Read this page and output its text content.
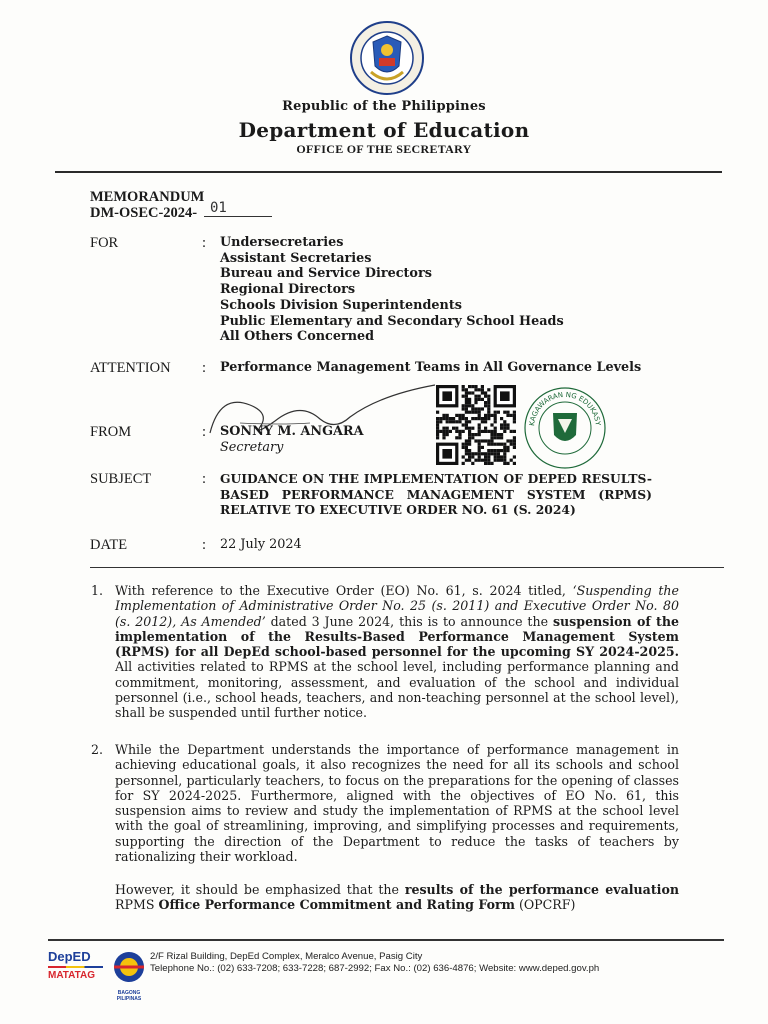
Republic of the Philippines
Department of Education
OFFICE OF THE SECRETARY
MEMORANDUM
DM-OSEC-2024- 01
FOR	: Undersecretaries
Assistant Secretaries
Bureau and Service Directors
Regional Directors
Schools Division Superintendents
Public Elementary and Secondary School Heads
All Others Concerned
ATTENTION : Performance Management Teams in All Governance Levels
KAGAWARAN NG EDUKASY
FROM	: SONNY M. ANGARA
Secretary
SUBJECT	: GUIDANCE ON THE IMPLEMENTATION OF DEPED RESULTS-BASED PERFORMANCE MANAGEMENT SYSTEM (RPMS) RELATIVE TO EXECUTIVE ORDER NO. 61 (S. 2024)
DATE	: 22 July 2024
1. With reference to the Executive Order (EO) No. 61, s. 2024 titled, ‘Suspending the Implementation of Administrative Order No. 25 (s. 2011) and Executive Order No. 80 (s. 2012), As Amended’ dated 3 June 2024, this is to announce the suspension of the implementation of the Results-Based Performance Management System (RPMS) for all DepEd school-based personnel for the upcoming SY 2024-2025. All activities related to RPMS at the school level, including performance planning and commitment, monitoring, assessment, and evaluation of the school and individual personnel (i.e., school heads, teachers, and non-teaching personnel at the school level), shall be suspended until further notice.
2. While the Department understands the importance of performance management in achieving educational goals, it also recognizes the need for all its schools and school personnel, particularly teachers, to focus on the preparations for the opening of classes for SY 2024-2025. Furthermore, aligned with the objectives of EO No. 61, this suspension aims to review and study the implementation of RPMS at the school level with the goal of streamlining, improving, and simplifying processes and requirements, supporting the direction of the Department to reduce the tasks of teachers by rationalizing their workload.
However, it should be emphasized that the results of the performance evaluation RPMS Office Performance Commitment and Rating Form (OPCRF)
DepED
MATATAG
BAGONG PILIPINAS
2/F Rizal Building, DepEd Complex, Meralco Avenue, Pasig City
Telephone No.: (02) 633-7208; 633-7228; 687-2992; Fax No.: (02) 636-4876; Website: www.deped.gov.ph
